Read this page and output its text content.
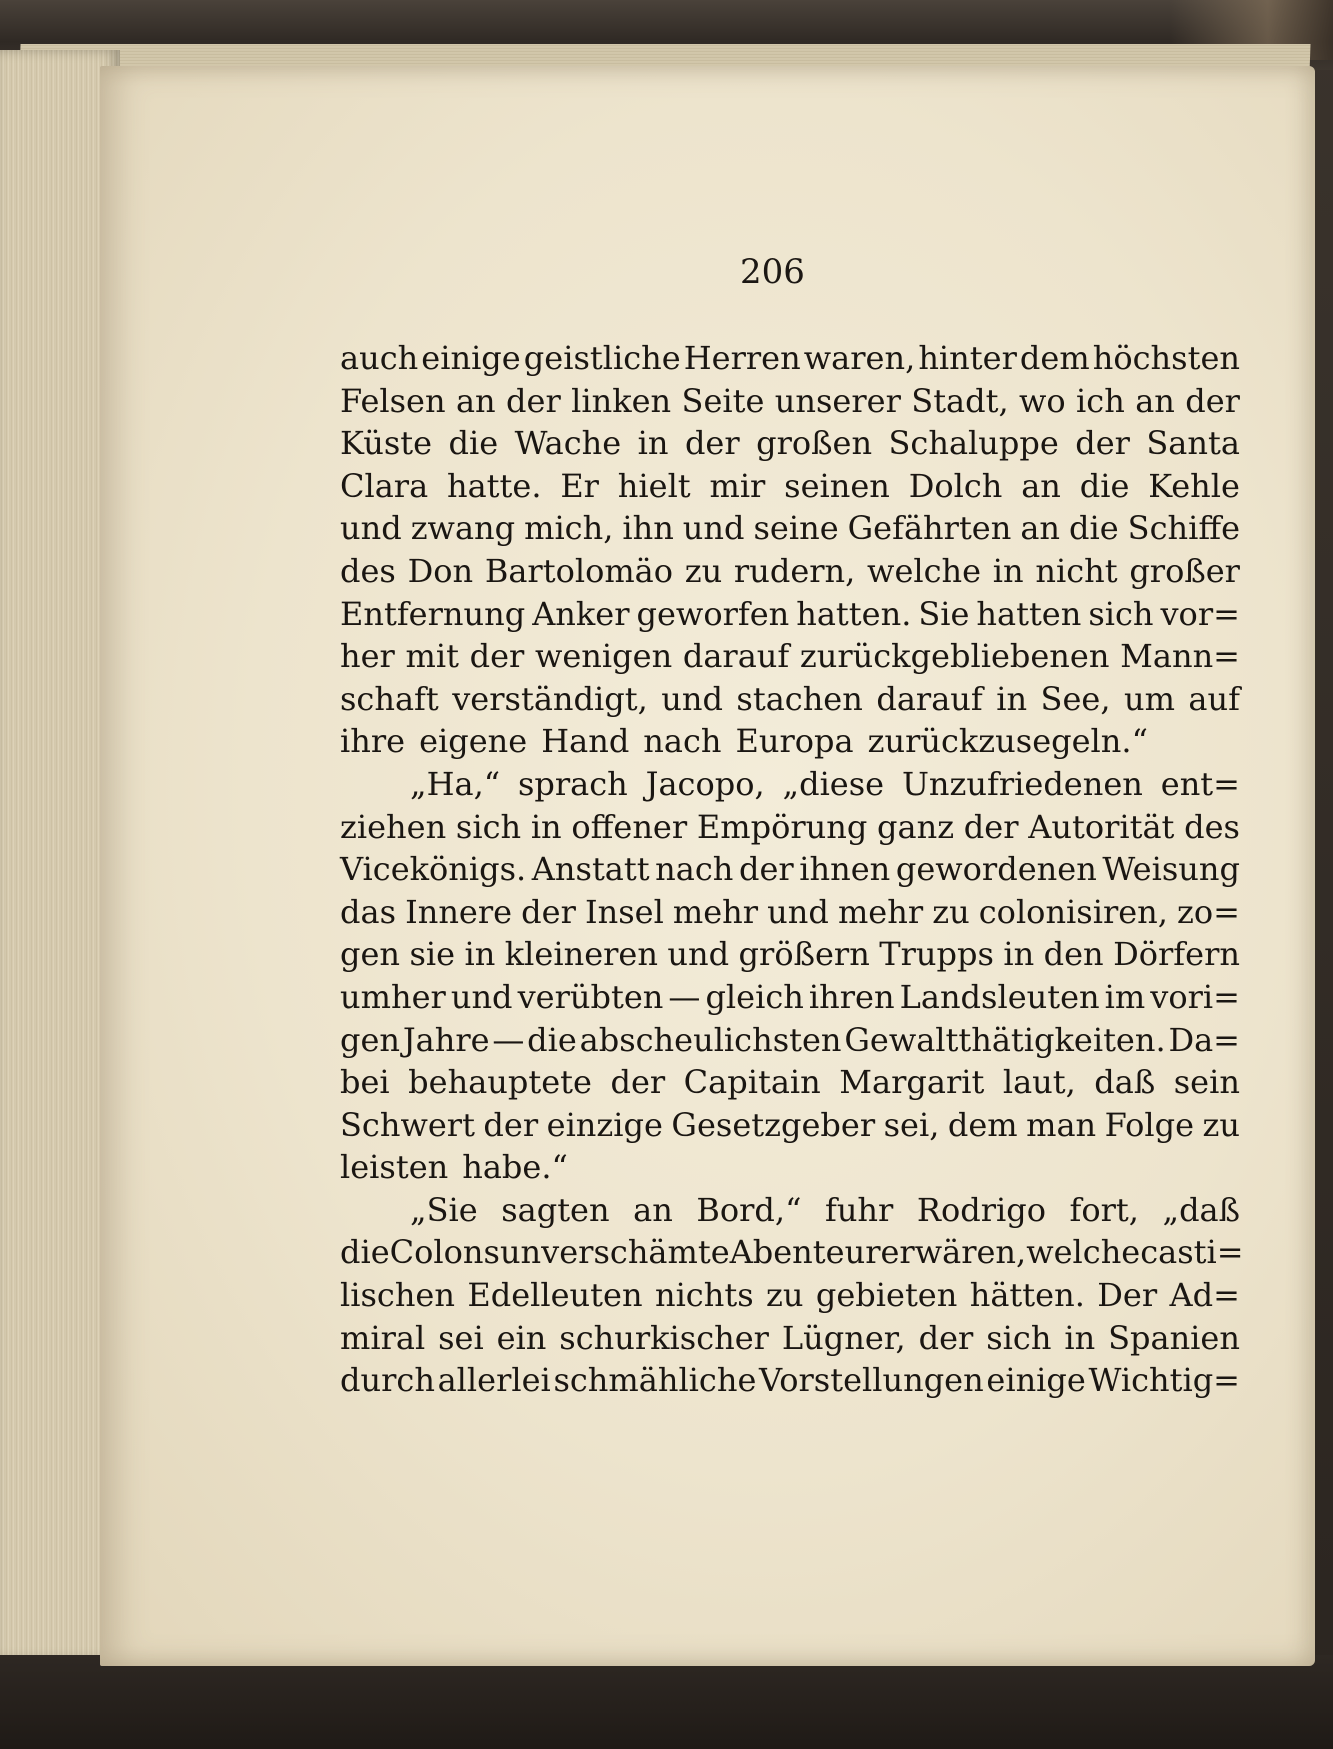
206
auch einige geistliche Herren waren, hinter dem höchsten
Felsen an der linken Seite unserer Stadt, wo ich an der
Küste die Wache in der großen Schaluppe der Santa
Clara hatte. Er hielt mir seinen Dolch an die Kehle
und zwang mich, ihn und seine Gefährten an die Schiffe
des Don Bartolomäo zu rudern, welche in nicht großer
Entfernung Anker geworfen hatten. Sie hatten sich vor=
her mit der wenigen darauf zurückgebliebenen Mann=
schaft verständigt, und stachen darauf in See, um auf
ihre eigene Hand nach Europa zurückzusegeln.“
„Ha,“ sprach Jacopo, „diese Unzufriedenen ent=
ziehen sich in offener Empörung ganz der Autorität des
Vicekönigs. Anstatt nach der ihnen gewordenen Weisung
das Innere der Insel mehr und mehr zu colonisiren, zo=
gen sie in kleineren und größern Trupps in den Dörfern
umher und verübten — gleich ihren Landsleuten im vori=
gen Jahre — die abscheulichsten Gewaltthätigkeiten. Da=
bei behauptete der Capitain Margarit laut, daß sein
Schwert der einzige Gesetzgeber sei, dem man Folge zu
leisten habe.“
„Sie sagten an Bord,“ fuhr Rodrigo fort, „daß
die Colons unverschämte Abenteurer wären, welche casti=
lischen Edelleuten nichts zu gebieten hätten. Der Ad=
miral sei ein schurkischer Lügner, der sich in Spanien
durch allerlei schmähliche Vorstellungen einige Wichtig=
